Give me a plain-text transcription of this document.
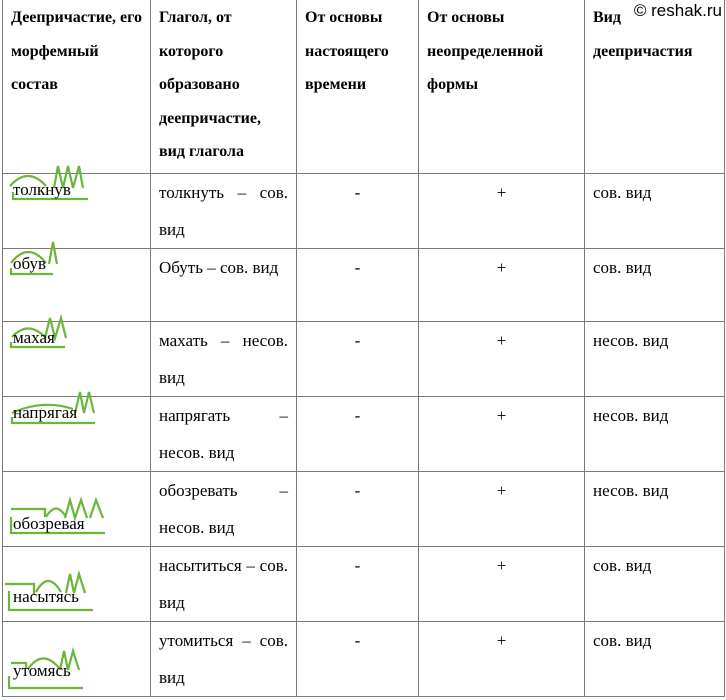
Деепричастие, его морфемный состав	Глагол, от которого образовано деепричастие, вид глагола	От основы настоящего времени	От основы неопределенной формы	Вид деепричастия

толкнув	толкнуть – сов. вид	-	+	сов. вид

обув	Обуть – сов. вид	-	+	сов. вид

махая	махать – несов. вид	-	+	несов. вид

напрягая	напрягать – несов. вид	-	+	несов. вид

обозревая	обозревать – несов. вид	-	+	несов. вид

насытясь	насытиться – сов. вид	-	+	сов. вид

утомясь	утомиться – сов. вид	-	+	сов. вид
© reshak.ru
